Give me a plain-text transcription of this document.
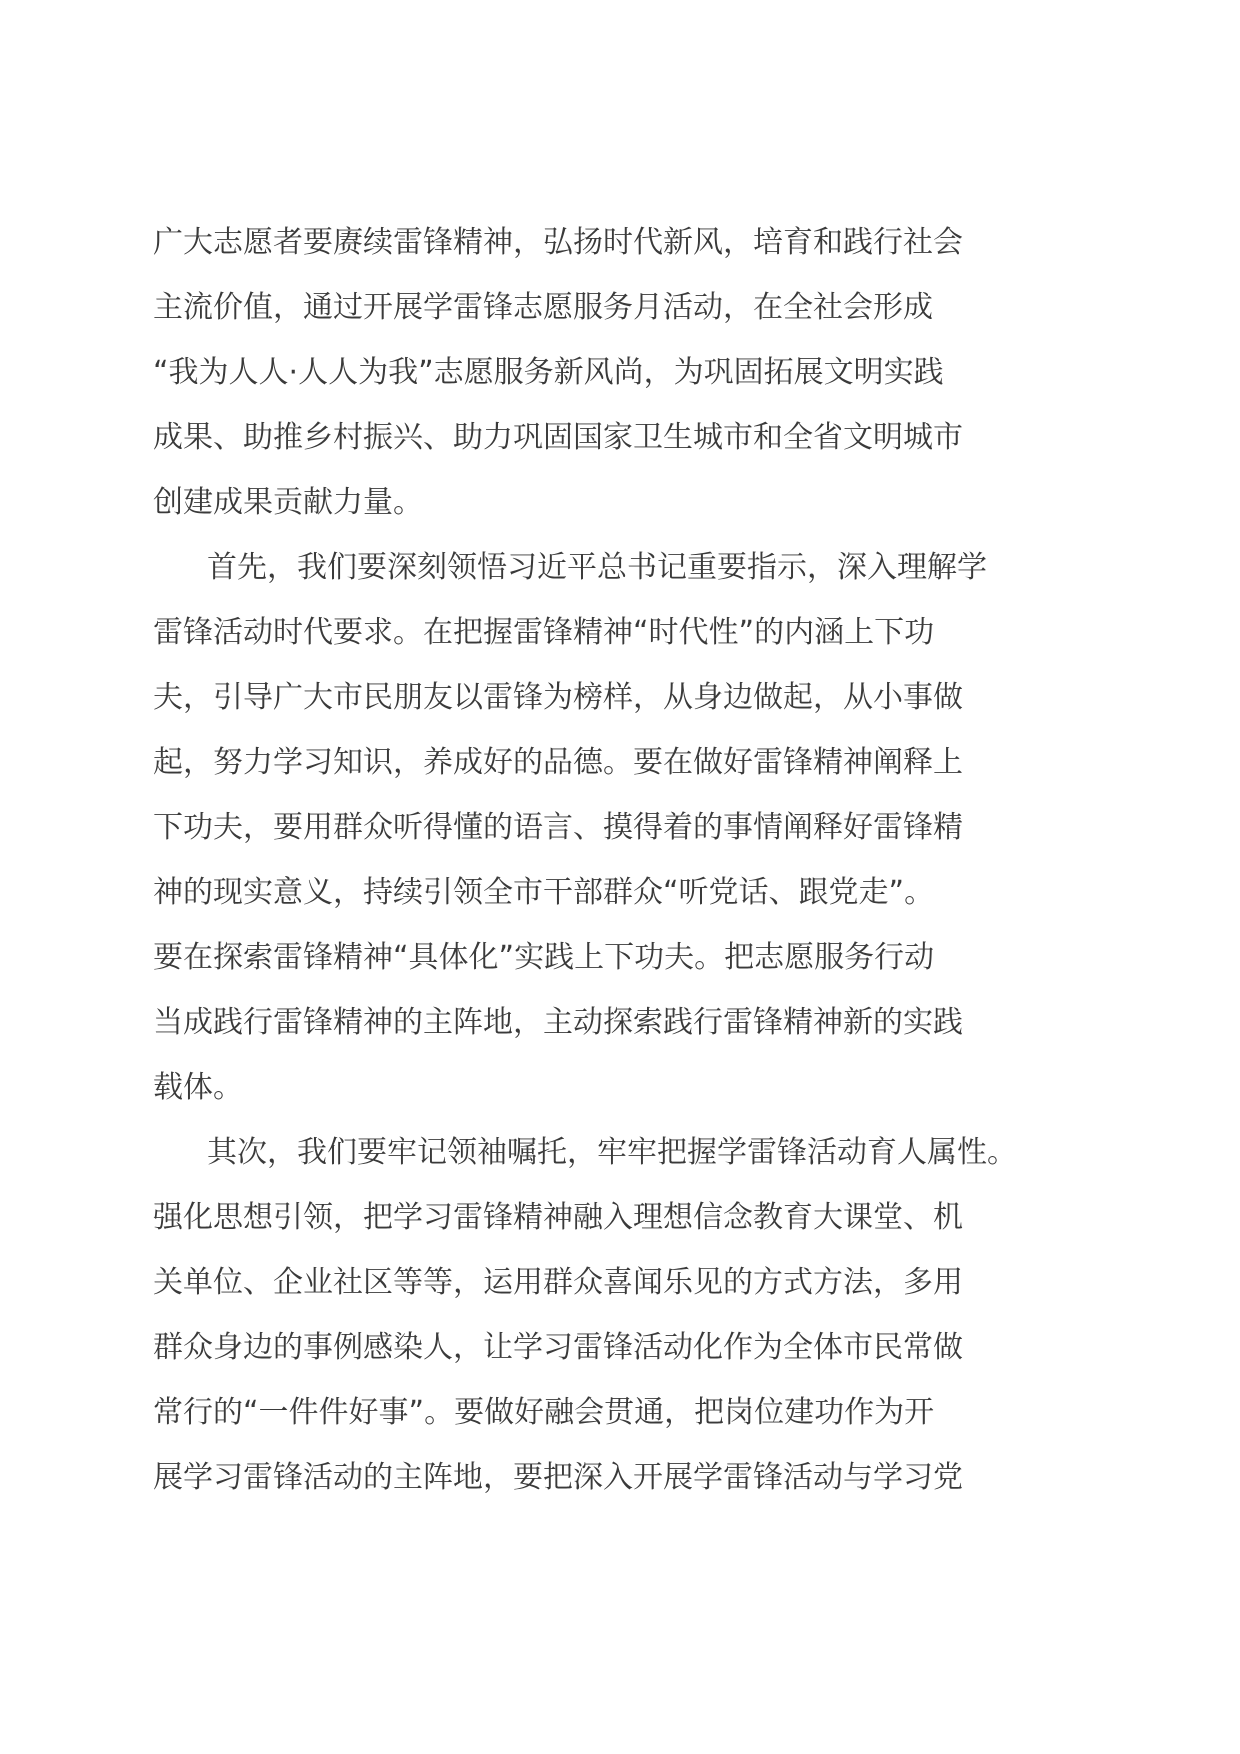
广大志愿者要赓续雷锋精神，弘扬时代新风，培育和践行社会
主流价值，通过开展学雷锋志愿服务月活动，在全社会形成
“我为人人·人人为我”志愿服务新风尚，为巩固拓展文明实践
成果、助推乡村振兴、助力巩固国家卫生城市和全省文明城市
创建成果贡献力量。
首先，我们要深刻领悟习近平总书记重要指示，深入理解学
雷锋活动时代要求。在把握雷锋精神“时代性”的内涵上下功
夫，引导广大市民朋友以雷锋为榜样，从身边做起，从小事做
起，努力学习知识，养成好的品德。要在做好雷锋精神阐释上
下功夫，要用群众听得懂的语言、摸得着的事情阐释好雷锋精
神的现实意义，持续引领全市干部群众“听党话、跟党走”。
要在探索雷锋精神“具体化”实践上下功夫。把志愿服务行动
当成践行雷锋精神的主阵地，主动探索践行雷锋精神新的实践
载体。
其次，我们要牢记领袖嘱托，牢牢把握学雷锋活动育人属性。
强化思想引领，把学习雷锋精神融入理想信念教育大课堂、机
关单位、企业社区等等，运用群众喜闻乐见的方式方法，多用
群众身边的事例感染人，让学习雷锋活动化作为全体市民常做
常行的“一件件好事”。要做好融会贯通，把岗位建功作为开
展学习雷锋活动的主阵地，要把深入开展学雷锋活动与学习党
